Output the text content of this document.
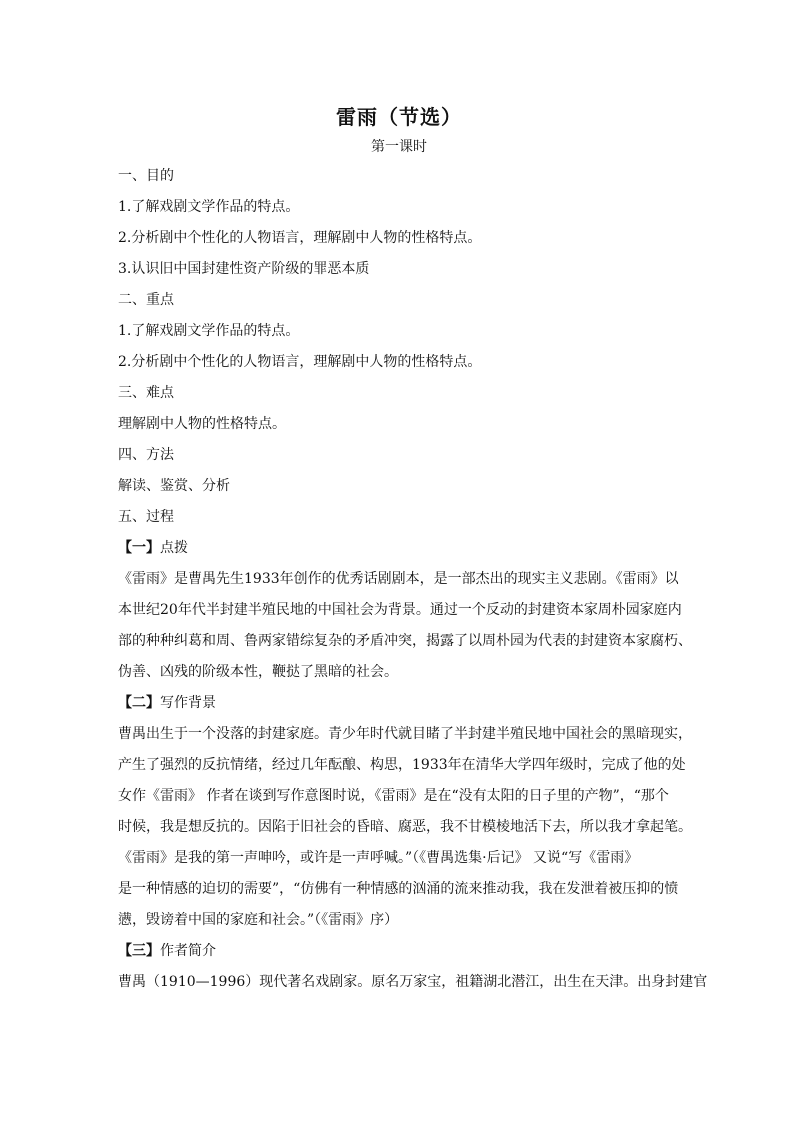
雷雨（节选）

第一课时

一、目的

1.了解戏剧文学作品的特点。

2.分析剧中个性化的人物语言，理解剧中人物的性格特点。

3.认识旧中国封建性资产阶级的罪恶本质

二、重点

1.了解戏剧文学作品的特点。

2.分析剧中个性化的人物语言，理解剧中人物的性格特点。

三、难点

理解剧中人物的性格特点。

四、方法

解读、鉴赏、分析

五、过程

【一】点拨

《雷雨》是曹禺先生1933年创作的优秀话剧剧本，是一部杰出的现实主义悲剧。《雷雨》以
本世纪20年代半封建半殖民地的中国社会为背景。通过一个反动的封建资本家周朴园家庭内
部的种种纠葛和周、鲁两家错综复杂的矛盾冲突，揭露了以周朴园为代表的封建资本家腐朽、
伪善、凶残的阶级本性，鞭挞了黑暗的社会。

【二】写作背景

曹禺出生于一个没落的封建家庭。青少年时代就目睹了半封建半殖民地中国社会的黑暗现实，
产生了强烈的反抗情绪，经过几年酝酿、构思，1933年在清华大学四年级时，完成了他的处
女作《雷雨》 作者在谈到写作意图时说，《雷雨》是在“没有太阳的日子里的产物”，“那个
时候，我是想反抗的。因陷于旧社会的昏暗、腐恶，我不甘模棱地活下去，所以我才拿起笔。
《雷雨》是我的第一声呻吟，或许是一声呼喊。”（《曹禺选集·后记》 又说“写《雷雨》
是一种情感的迫切的需要”，“仿佛有一种情感的汹涌的流来推动我，我在发泄着被压抑的愤
懑，毁谤着中国的家庭和社会。”（《雷雨》序）

【三】作者简介

曹禺（1910—1996）现代著名戏剧家。原名万家宝，祖籍湖北潜江，出生在天津。出身封建官
